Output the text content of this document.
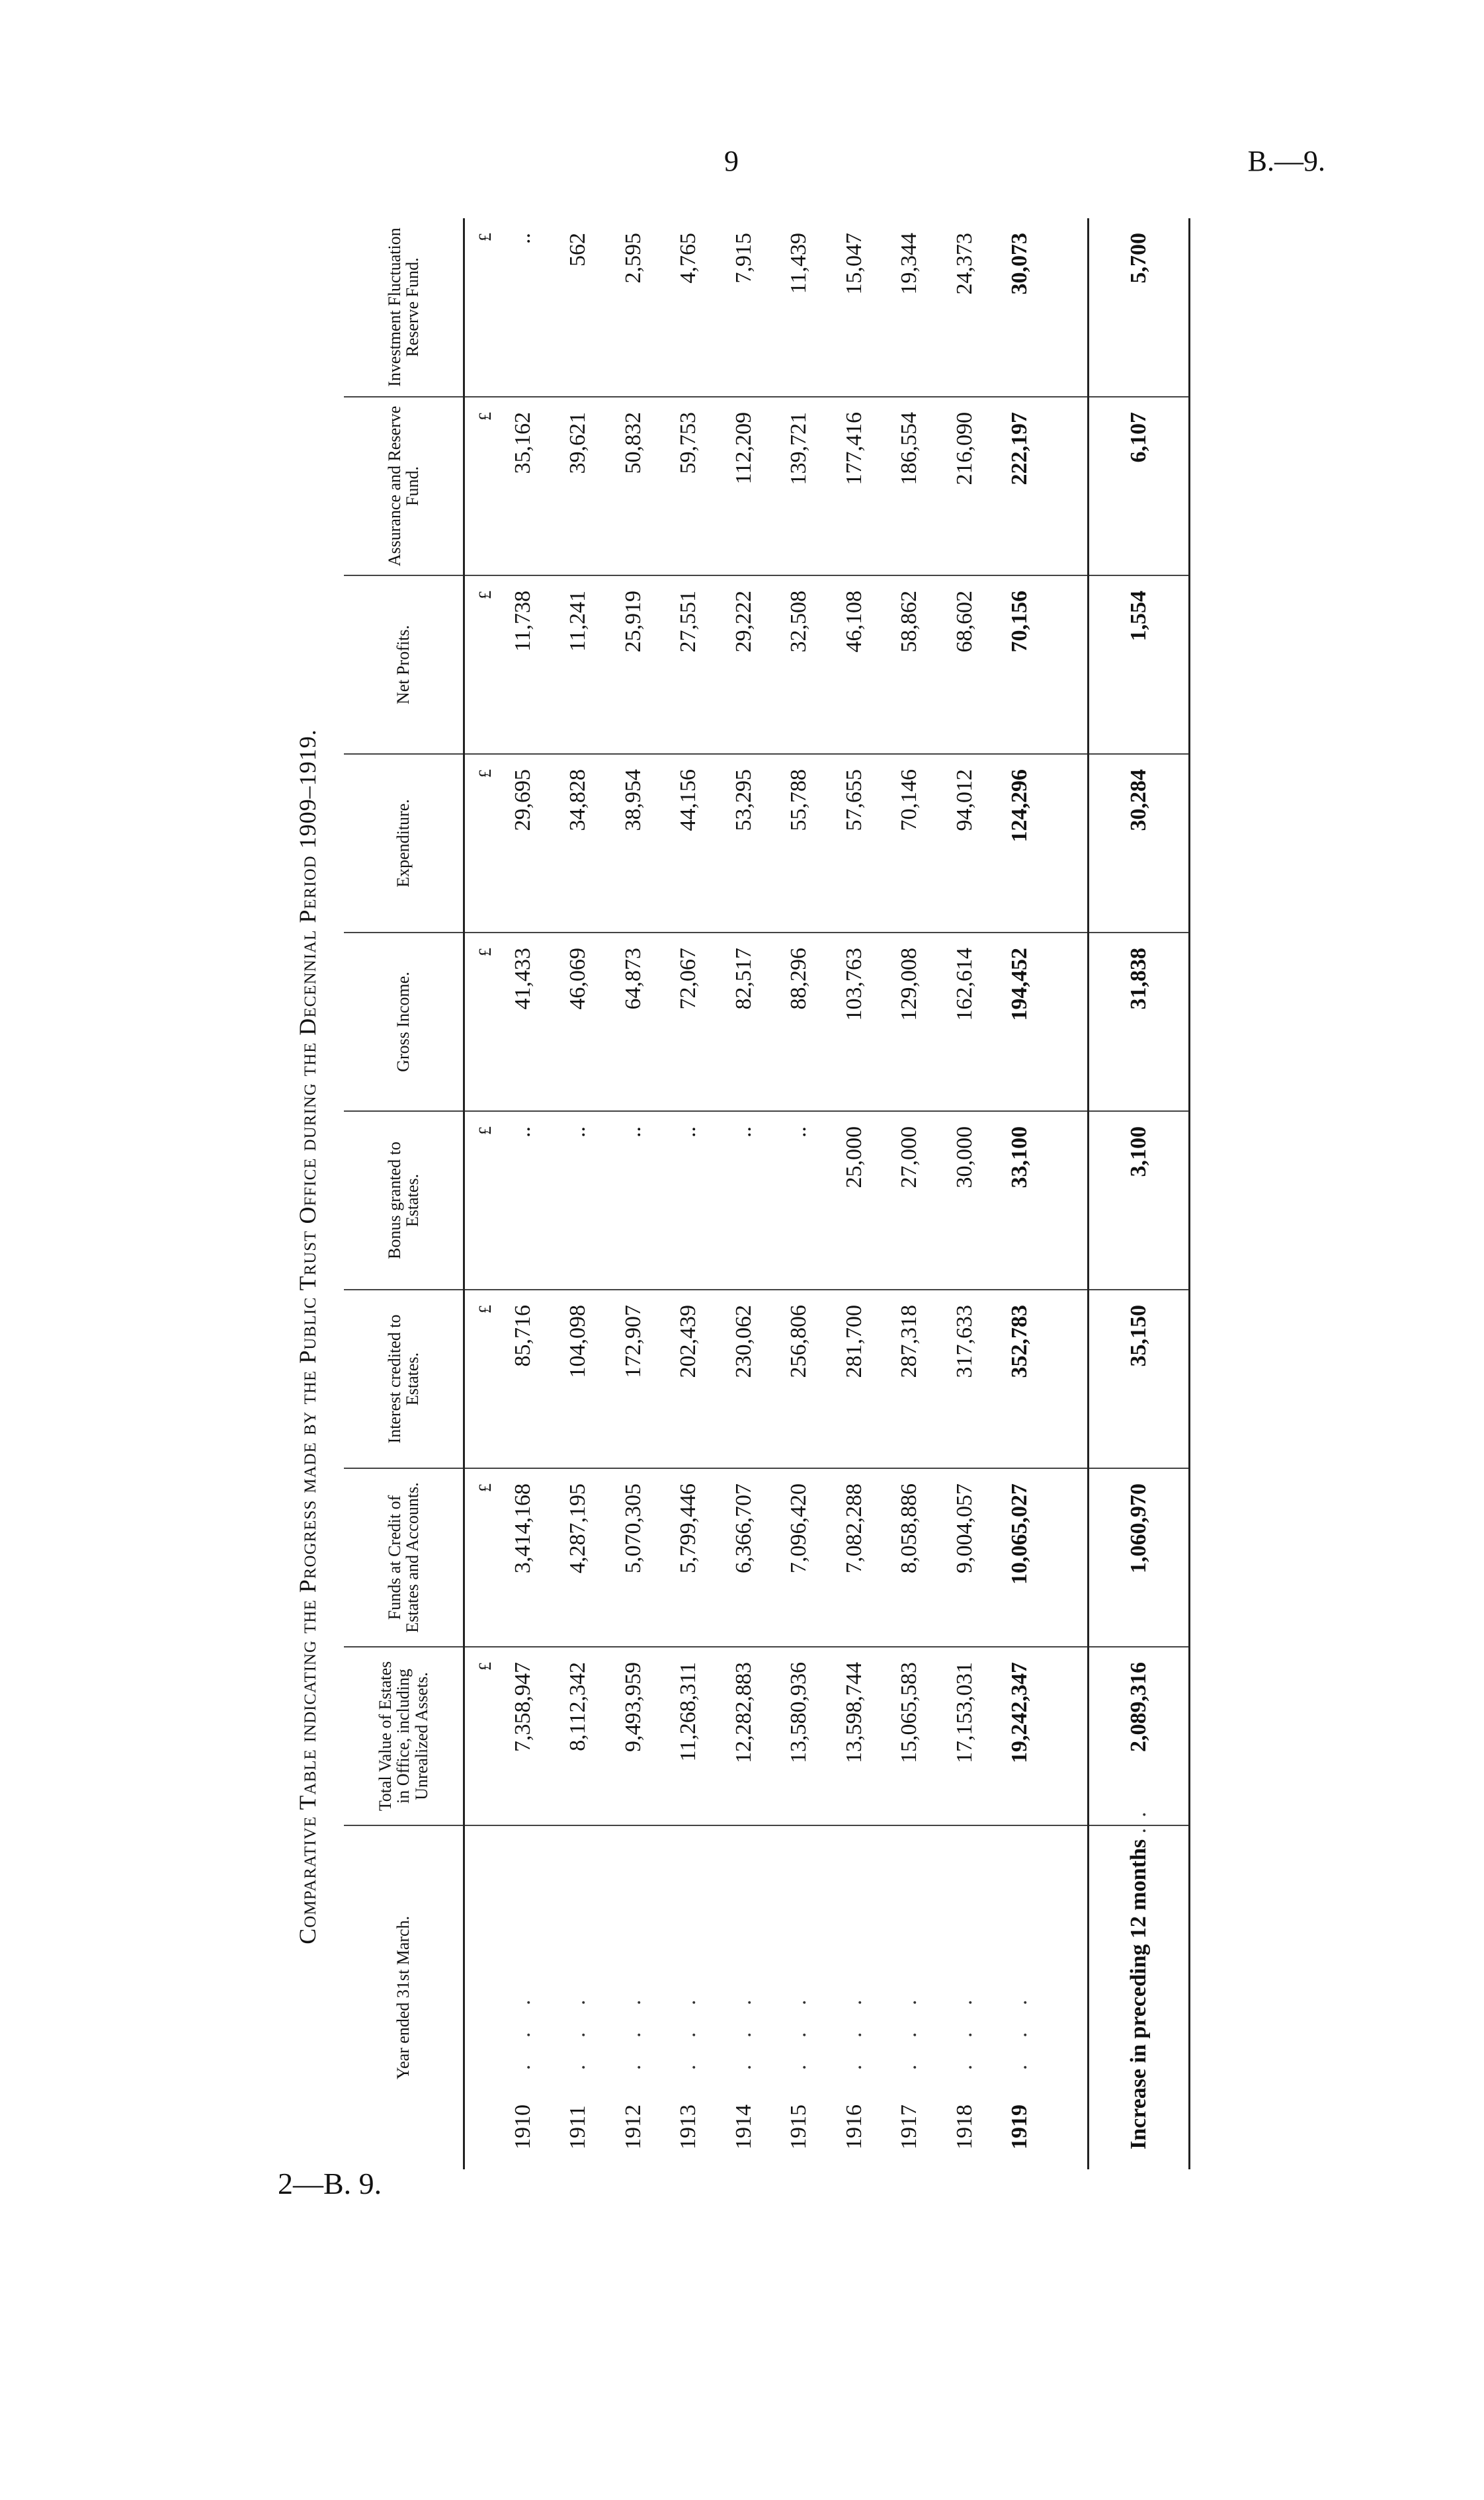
9	B.—9.
2—B. 9.
Comparative Table indicating the Progress made by the Public Trust Office during the Decennial Period 1909–1919.
Year ended 31st March.	Total Value of Estates in Office, including Unrealized Assets.	Funds at Credit of Estates and Accounts.	Interest credited to Estates.	Bonus granted to Estates.	Gross Income.	Expenditure.	Net Profits.	Assurance and Reserve Fund.	Investment Fluctuation Reserve Fund.
	£	£	£	£	£	£	£	£	£
1910. . .	7,358,947	3,414,168	85,716	..	41,433	29,695	11,738	35,162	..
1911. . .	8,112,342	4,287,195	104,098	..	46,069	34,828	11,241	39,621	562
1912. . .	9,493,959	5,070,305	172,907	..	64,873	38,954	25,919	50,832	2,595
1913. . .	11,268,311	5,799,446	202,439	..	72,067	44,156	27,551	59,753	4,765
1914. . .	12,282,883	6,366,707	230,062	..	82,517	53,295	29,222	112,209	7,915
1915. . .	13,580,936	7,096,420	256,806	..	88,296	55,788	32,508	139,721	11,439
1916. . .	13,598,744	7,082,288	281,700	25,000	103,763	57,655	46,108	177,416	15,047
1917. . .	15,065,583	8,058,886	287,318	27,000	129,008	70,146	58,862	186,554	19,344
1918. . .	17,153,031	9,004,057	317,633	30,000	162,614	94,012	68,602	216,090	24,373
1919. . .	19,242,347	10,065,027	352,783	33,100	194,452	124,296	70,156	222,197	30,073

Increase in preceding 12 months ..	2,089,316	1,060,970	35,150	3,100	31,838	30,284	1,554	6,107	5,700
